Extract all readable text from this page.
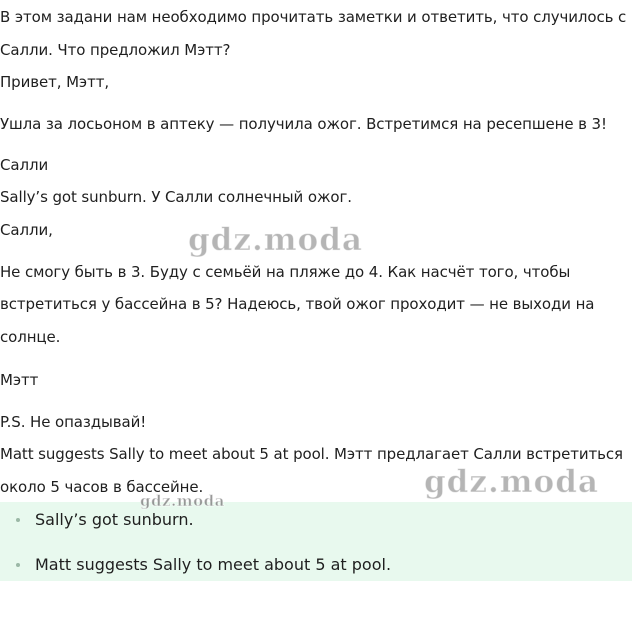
В этом задани нам необходимо прочитать заметки и ответить, что случилось с
Салли. Что предложил Мэтт?
Привет, Мэтт,
Ушла за лосьоном в аптеку — получила ожог. Встретимся на ресепшене в 3!
Салли
Sally’s got sunburn. У Салли солнечный ожог.
Салли,
Не смогу быть в 3. Буду с семьёй на пляже до 4. Как насчёт того, чтобы
встретиться у бассейна в 5? Надеюсь, твой ожог проходит — не выходи на
солнце.
Мэтт
P.S. Не опаздывай!
Matt suggests Sally to meet about 5 at pool. Мэтт предлагает Салли встретиться
около 5 часов в бассейне.
Sally’s got sunburn.
Matt suggests Sally to meet about 5 at pool.
gdz.moda
gdz.moda
gdz.moda
